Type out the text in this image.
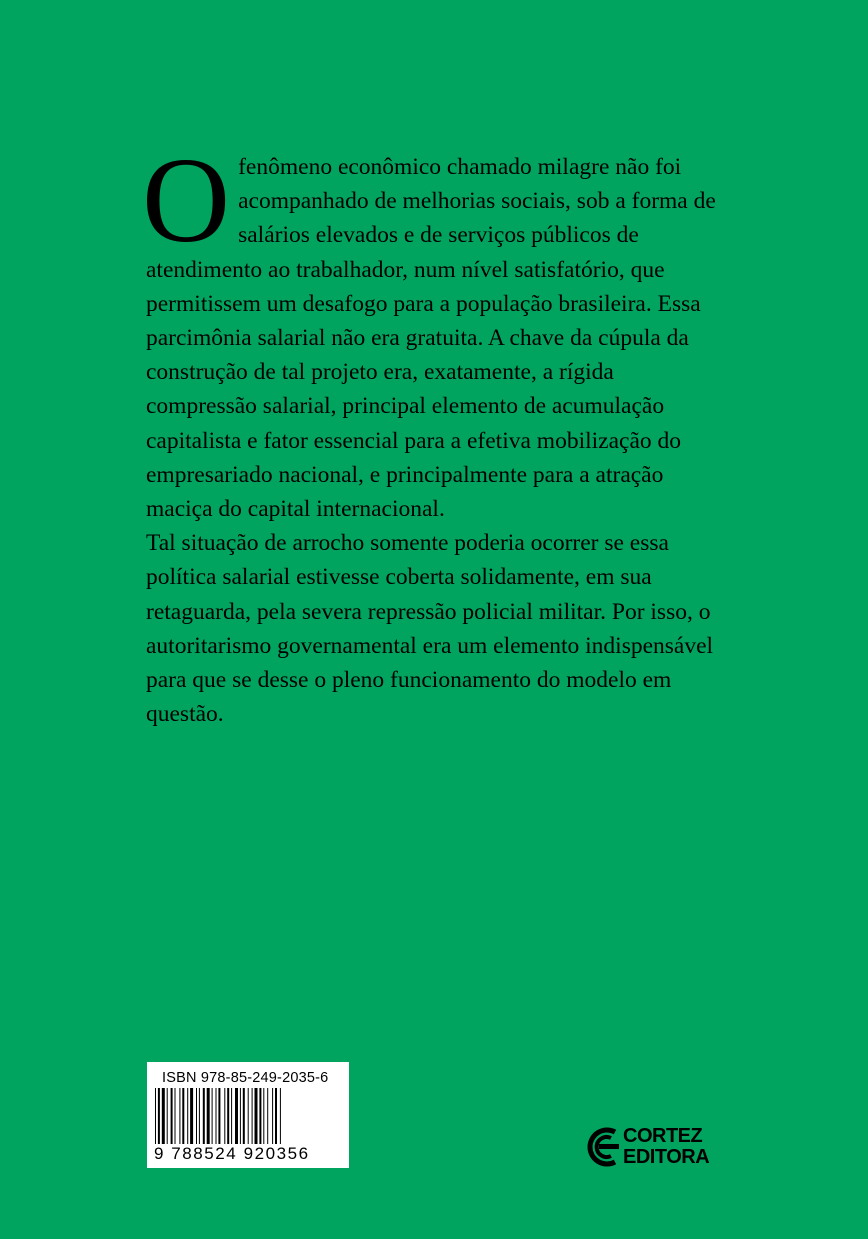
O fenômeno econômico chamado milagre não foi acompanhado de melhorias sociais, sob a forma de salários elevados e de serviços públicos de atendimento ao trabalhador, num nível satisfatório, que permitissem um desafogo para a população brasileira. Essa parcimônia salarial não era gratuita. A chave da cúpula da construção de tal projeto era, exatamente, a rígida compressão salarial, principal elemento de acumulação capitalista e fator essencial para a efetiva mobilização do empresariado nacional, e principalmente para a atração maciça do capital internacional.

Tal situação de arrocho somente poderia ocorrer se essa política salarial estivesse coberta solidamente, em sua retaguarda, pela severa repressão policial militar. Por isso, o autoritarismo governamental era um elemento indispensável para que se desse o pleno funcionamento do modelo em questão.

ISBN 978-85-249-2035-6
9 788524 920356
CORTEZ
EDITORA
